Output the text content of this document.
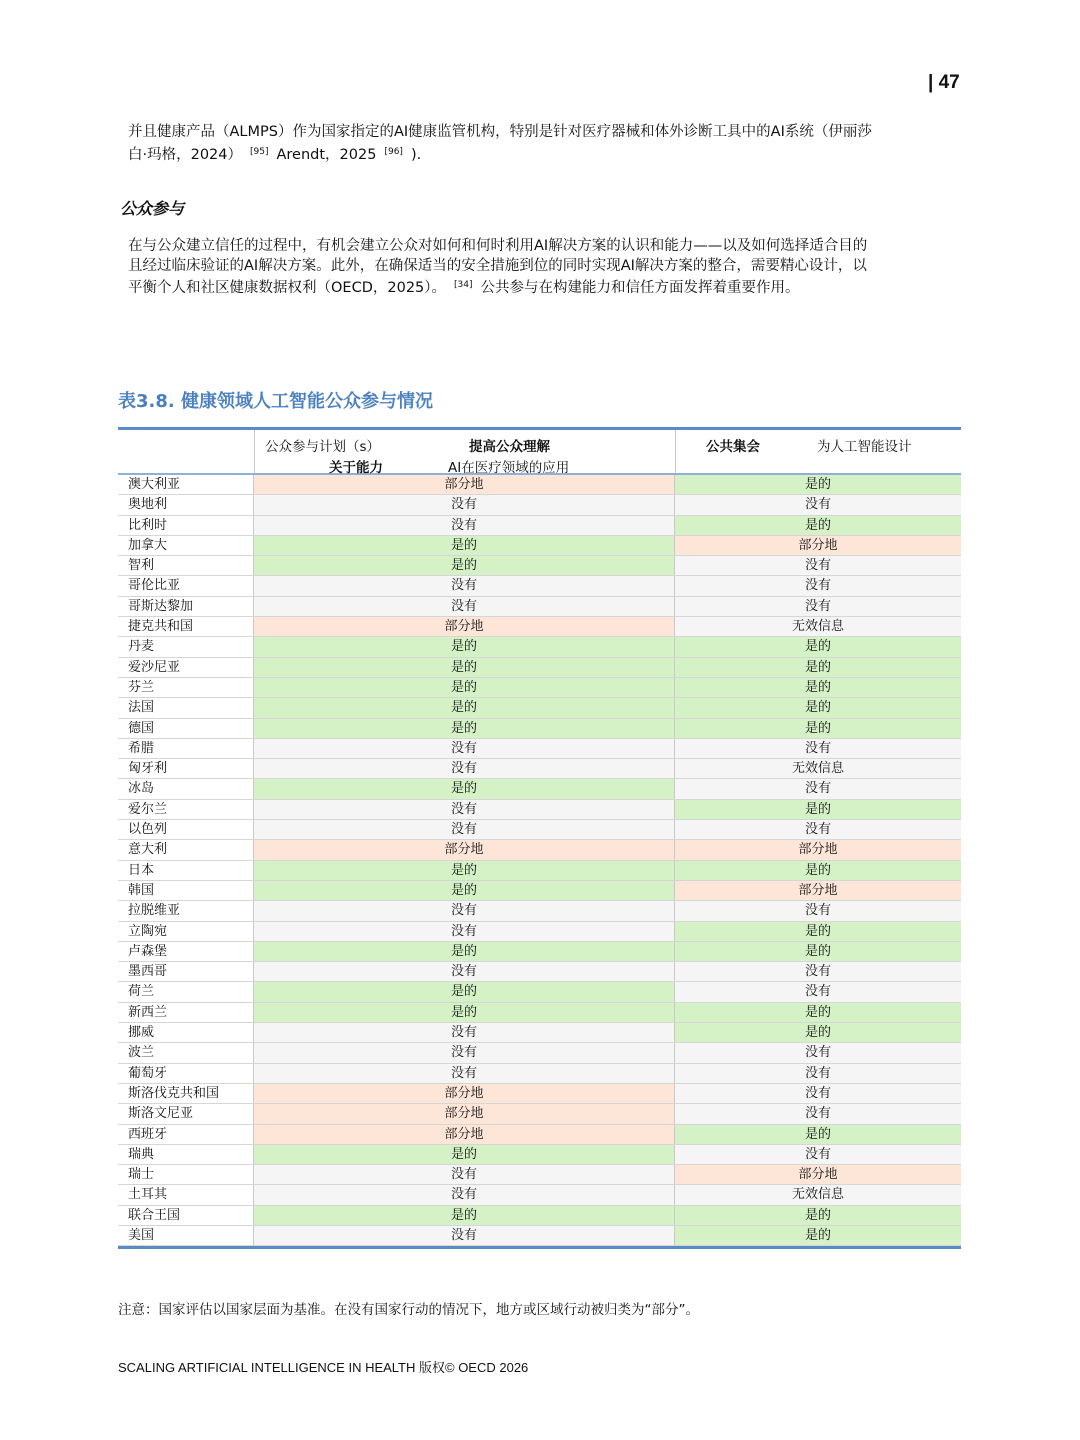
| 47
并且健康产品（ALMPS）作为国家指定的AI健康监管机构，特别是针对医疗器械和体外诊断工具中的AI系统（伊丽莎
白·玛格，2024） [95] Arendt，2025 [96] ).
公众参与
在与公众建立信任的过程中，有机会建立公众对如何和何时利用AI解决方案的认识和能力——以及如何选择适合目的
且经过临床验证的AI解决方案。此外，在确保适当的安全措施到位的同时实现AI解决方案的整合，需要精心设计，以
平衡个人和社区健康数据权利（OECD，2025）。 [34] 公共参与在构建能力和信任方面发挥着重要作用。
表3.8. 健康领域人工智能公众参与情况
公众参与计划（s）	提高公众理解
关于能力	AI在医疗领域的应用
公共集会	为人工智能设计
澳大利亚	部分地	是的
奥地利	没有	没有
比利时	没有	是的
加拿大	是的	部分地
智利	是的	没有
哥伦比亚	没有	没有
哥斯达黎加	没有	没有
捷克共和国	部分地	无效信息
丹麦	是的	是的
爱沙尼亚	是的	是的
芬兰	是的	是的
法国	是的	是的
德国	是的	是的
希腊	没有	没有
匈牙利	没有	无效信息
冰岛	是的	没有
爱尔兰	没有	是的
以色列	没有	没有
意大利	部分地	部分地
日本	是的	是的
韩国	是的	部分地
拉脱维亚	没有	没有
立陶宛	没有	是的
卢森堡	是的	是的
墨西哥	没有	没有
荷兰	是的	没有
新西兰	是的	是的
挪威	没有	是的
波兰	没有	没有
葡萄牙	没有	没有
斯洛伐克共和国	部分地	没有
斯洛文尼亚	部分地	没有
西班牙	部分地	是的
瑞典	是的	没有
瑞士	没有	部分地
土耳其	没有	无效信息
联合王国	是的	是的
美国	没有	是的
注意：国家评估以国家层面为基准。在没有国家行动的情况下，地方或区域行动被归类为“部分”。
SCALING ARTIFICIAL INTELLIGENCE IN HEALTH 版权© OECD 2026
